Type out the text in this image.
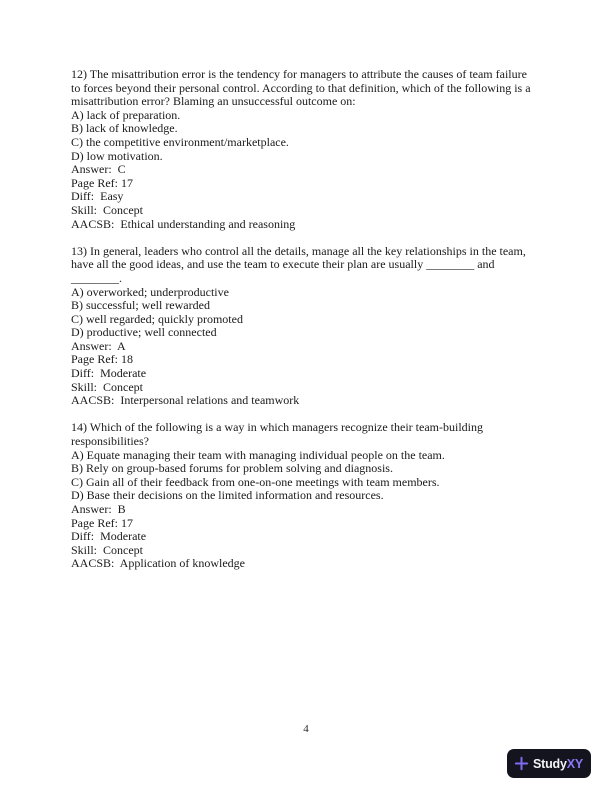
12) The misattribution error is the tendency for managers to attribute the causes of team failure
to forces beyond their personal control. According to that definition, which of the following is a
misattribution error? Blaming an unsuccessful outcome on:
A) lack of preparation.
B) lack of knowledge.
C) the competitive environment/marketplace.
D) low motivation.
Answer:  C
Page Ref: 17
Diff:  Easy
Skill:  Concept
AACSB:  Ethical understanding and reasoning
13) In general, leaders who control all the details, manage all the key relationships in the team,
have all the good ideas, and use the team to execute their plan are usually ________ and
________.
A) overworked; underproductive
B) successful; well rewarded
C) well regarded; quickly promoted
D) productive; well connected
Answer:  A
Page Ref: 18
Diff:  Moderate
Skill:  Concept
AACSB:  Interpersonal relations and teamwork
14) Which of the following is a way in which managers recognize their team-building
responsibilities?
A) Equate managing their team with managing individual people on the team.
B) Rely on group-based forums for problem solving and diagnosis.
C) Gain all of their feedback from one-on-one meetings with team members.
D) Base their decisions on the limited information and resources.
Answer:  B
Page Ref: 17
Diff:  Moderate
Skill:  Concept
AACSB:  Application of knowledge
4
StudyXY
